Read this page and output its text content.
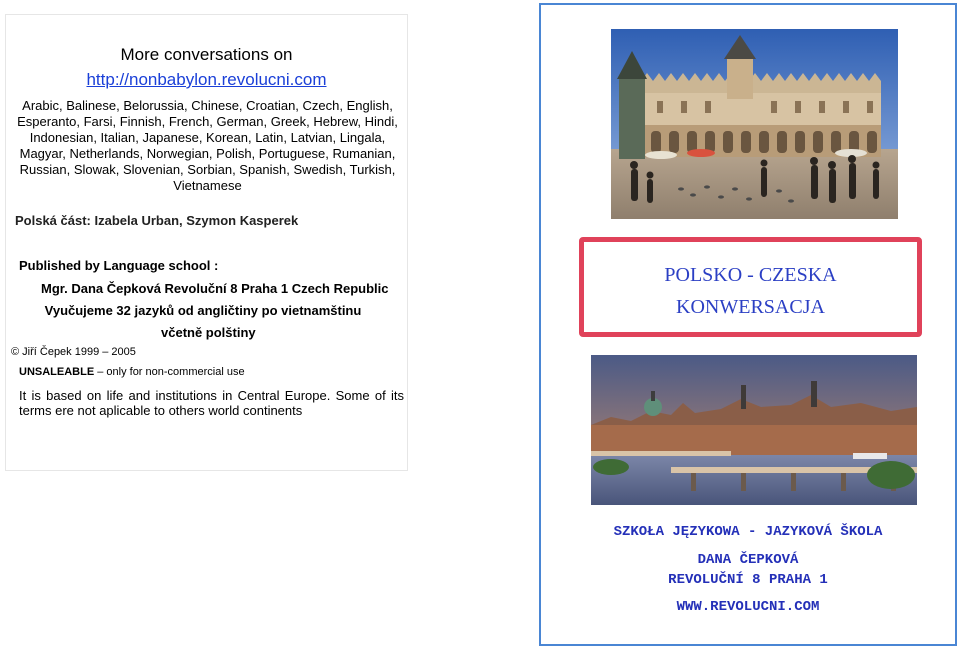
More conversations on
http://nonbabylon.revolucni.com
Arabic, Balinese, Belorussia, Chinese, Croatian, Czech, English, Esperanto, Farsi, Finnish, French, German, Greek, Hebrew, Hindi, Indonesian, Italian, Japanese, Korean, Latin, Latvian, Lingala, Magyar, Netherlands, Norwegian, Polish, Portuguese, Rumanian, Russian, Slowak, Slovenian, Sorbian, Spanish, Swedish, Turkish, Vietnamese
Polská část: Izabela Urban, Szymon Kasperek
Published by Language school :
Mgr. Dana Čepková Revoluční 8 Praha 1 Czech Republic
Vyučujeme 32 jazyků od angličtiny po vietnamštinu
včetně polštiny
© Jiří Čepek 1999 – 2005
UNSALEABLE – only for non-commercial use
It is based on life and institutions in Central Europe. Some of its terms ere not aplicable to others world continents
POLSKO - CZESKA
KONWERSACJA
SZKOŁA JĘZYKOWA - JAZYKOVÁ ŠKOLA
DANA ČEPKOVÁ
REVOLUČNÍ 8 PRAHA 1
WWW.REVOLUCNI.COM
